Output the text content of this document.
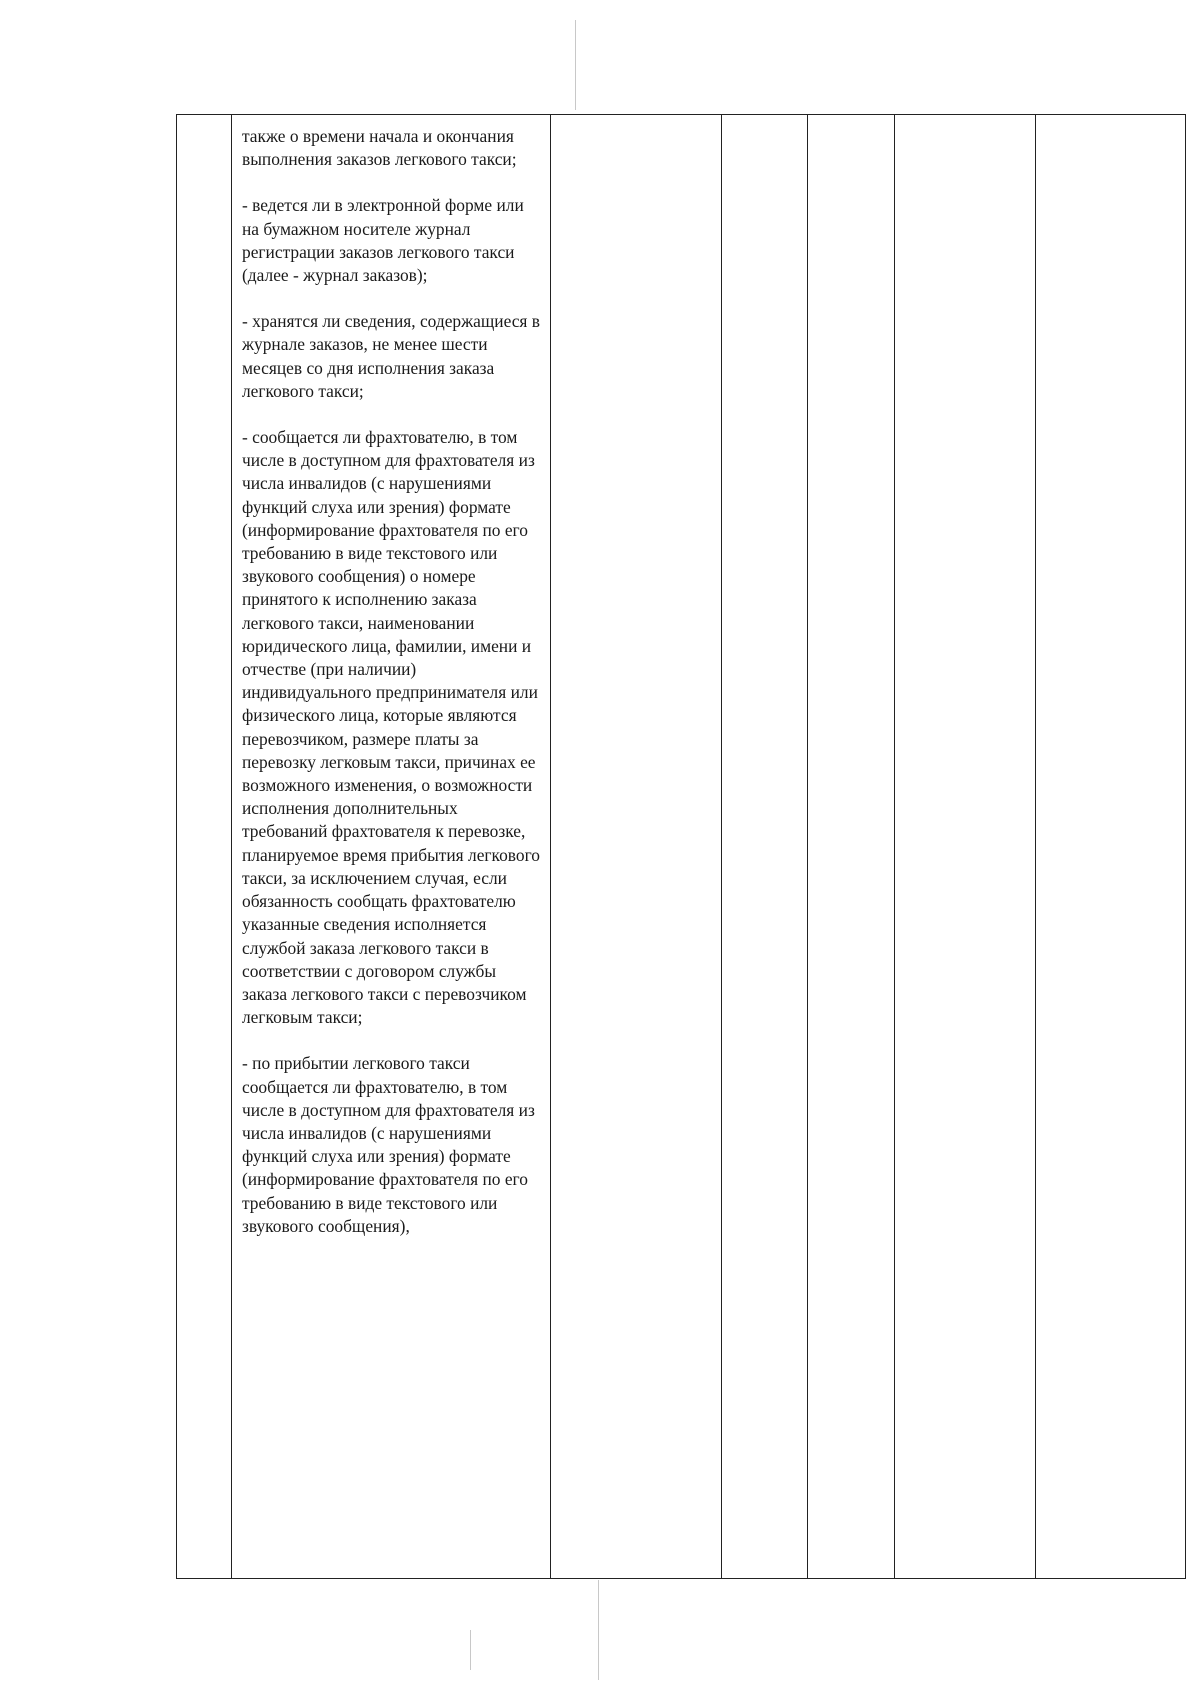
также о времени начала и окончания выполнения заказов легкового такси;
- ведется ли в электронной форме или на бумажном носителе журнал регистрации заказов легкового такси (далее - журнал заказов);
- хранятся ли сведения, содержащиеся в журнале заказов, не менее шести месяцев со дня исполнения заказа легкового такси;
- сообщается ли фрахтователю, в том числе в доступном для фрахтователя из числа инвалидов (с нарушениями функций слуха или зрения) формате (информирование фрахтователя по его требованию в виде текстового или звукового сообщения) о номере принятого к исполнению заказа легкового такси, наименовании юридического лица, фамилии, имени и отчестве (при наличии) индивидуального предпринимателя или физического лица, которые являются перевозчиком, размере платы за перевозку легковым такси, причинах ее возможного изменения, о возможности исполнения дополнительных требований фрахтователя к перевозке, планируемое время прибытия легкового такси, за исключением случая, если обязанность сообщать фрахтователю указанные сведения исполняется службой заказа легкового такси в соответствии с договором службы заказа легкового такси с перевозчиком легковым такси;
- по прибытии легкового такси сообщается ли фрахтователю, в том числе в доступном для фрахтователя из числа инвалидов (с нарушениями функций слуха или зрения) формате (информирование фрахтователя по его требованию в виде текстового или звукового сообщения),
